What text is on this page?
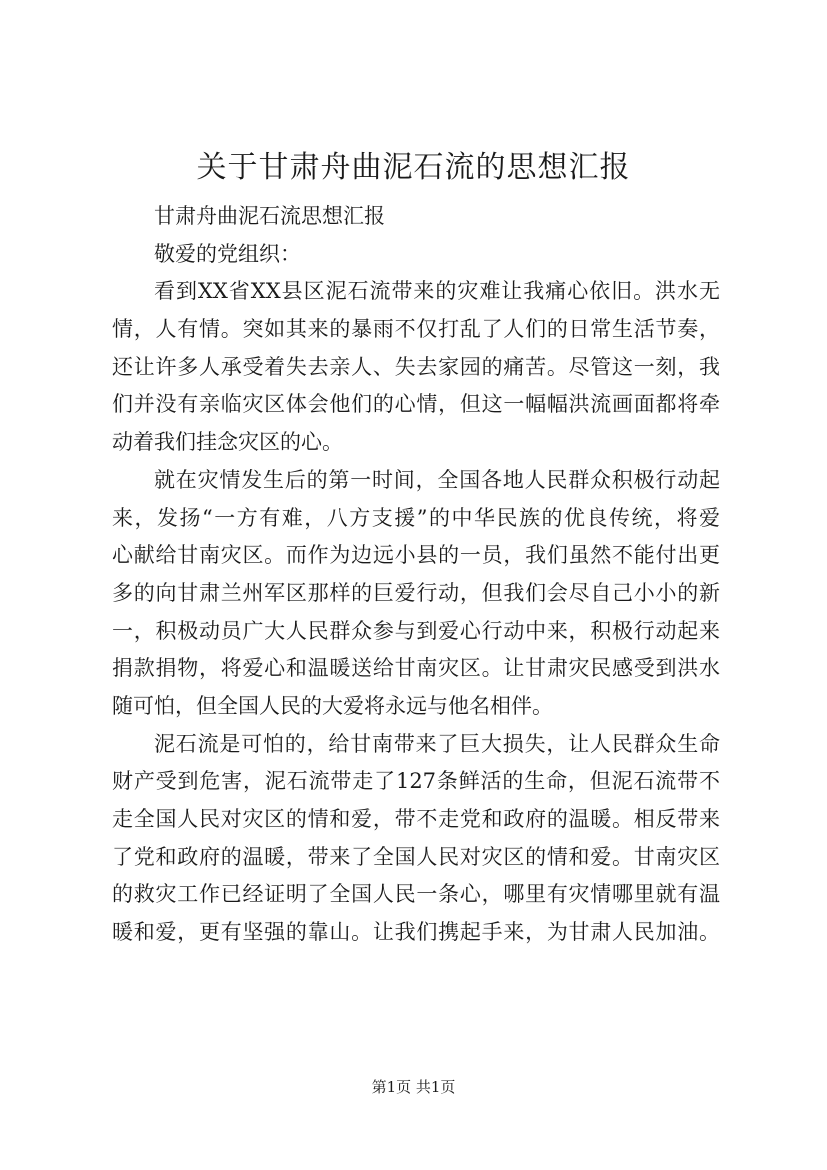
关于甘肃舟曲泥石流的思想汇报
甘肃舟曲泥石流思想汇报
敬爱的党组织：
看到XX省XX县区泥石流带来的灾难让我痛心依旧。洪水无
情，人有情。突如其来的暴雨不仅打乱了人们的日常生活节奏，
还让许多人承受着失去亲人、失去家园的痛苦。尽管这一刻，我
们并没有亲临灾区体会他们的心情，但这一幅幅洪流画面都将牵
动着我们挂念灾区的心。
就在灾情发生后的第一时间，全国各地人民群众积极行动起
来，发扬“一方有难，八方支援”的中华民族的优良传统，将爱
心献给甘南灾区。而作为边远小县的一员，我们虽然不能付出更
多的向甘肃兰州军区那样的巨爱行动，但我们会尽自己小小的新
一，积极动员广大人民群众参与到爱心行动中来，积极行动起来
捐款捐物，将爱心和温暖送给甘南灾区。让甘肃灾民感受到洪水
随可怕，但全国人民的大爱将永远与他名相伴。
泥石流是可怕的，给甘南带来了巨大损失，让人民群众生命
财产受到危害，泥石流带走了127条鲜活的生命，但泥石流带不
走全国人民对灾区的情和爱，带不走党和政府的温暖。相反带来
了党和政府的温暖，带来了全国人民对灾区的情和爱。甘南灾区
的救灾工作已经证明了全国人民一条心，哪里有灾情哪里就有温
暖和爱，更有坚强的靠山。让我们携起手来，为甘肃人民加油。
第1页 共1页
